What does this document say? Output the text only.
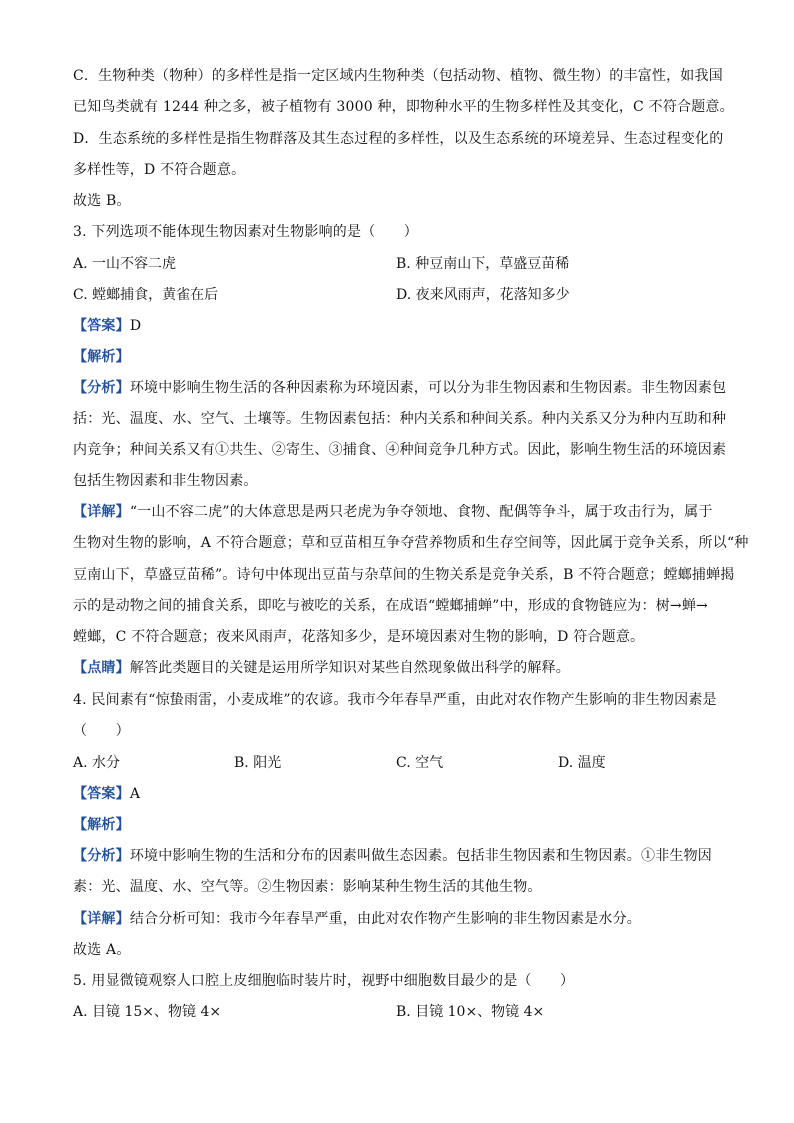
C．生物种类（物种）的多样性是指一定区域内生物种类（包括动物、植物、微生物）的丰富性，如我国
已知鸟类就有 1244 种之多，被子植物有 3000 种，即物种水平的生物多样性及其变化，C 不符合题意。
D．生态系统的多样性是指生物群落及其生态过程的多样性，以及生态系统的环境差异、生态过程变化的
多样性等，D 不符合题意。
故选 B。
3. 下列选项不能体现生物因素对生物影响的是（　　）
A. 一山不容二虎	B. 种豆南山下，草盛豆苗稀
C. 螳螂捕食，黄雀在后	D. 夜来风雨声，花落知多少
【答案】D
【解析】
【分析】环境中影响生物生活的各种因素称为环境因素，可以分为非生物因素和生物因素。非生物因素包
括：光、温度、水、空气、土壤等。生物因素包括：种内关系和种间关系。种内关系又分为种内互助和种
内竞争；种间关系又有①共生、②寄生、③捕食、④种间竞争几种方式。因此，影响生物生活的环境因素
包括生物因素和非生物因素。
【详解】“一山不容二虎”的大体意思是两只老虎为争夺领地、食物、配偶等争斗，属于攻击行为，属于
生物对生物的影响，A 不符合题意；草和豆苗相互争夺营养物质和生存空间等，因此属于竞争关系，所以“种
豆南山下，草盛豆苗稀”。诗句中体现出豆苗与杂草间的生物关系是竞争关系，B 不符合题意；螳螂捕蝉揭
示的是动物之间的捕食关系，即吃与被吃的关系，在成语“螳螂捕蝉”中，形成的食物链应为：树→蝉→
螳螂，C 不符合题意；夜来风雨声，花落知多少，是环境因素对生物的影响，D 符合题意。
【点睛】解答此类题目的关键是运用所学知识对某些自然现象做出科学的解释。
4. 民间素有“惊蛰雨雷，小麦成堆”的农谚。我市今年春旱严重，由此对农作物产生影响的非生物因素是
（　　）
A. 水分	B. 阳光	C. 空气	D. 温度
【答案】A
【解析】
【分析】环境中影响生物的生活和分布的因素叫做生态因素。包括非生物因素和生物因素。①非生物因
素：光、温度、水、空气等。②生物因素：影响某种生物生活的其他生物。
【详解】结合分析可知：我市今年春旱严重，由此对农作物产生影响的非生物因素是水分。
故选 A。
5. 用显微镜观察人口腔上皮细胞临时装片时，视野中细胞数目最少的是（　　）
A. 目镜 15×、物镜 4×	B. 目镜 10×、物镜 4×
